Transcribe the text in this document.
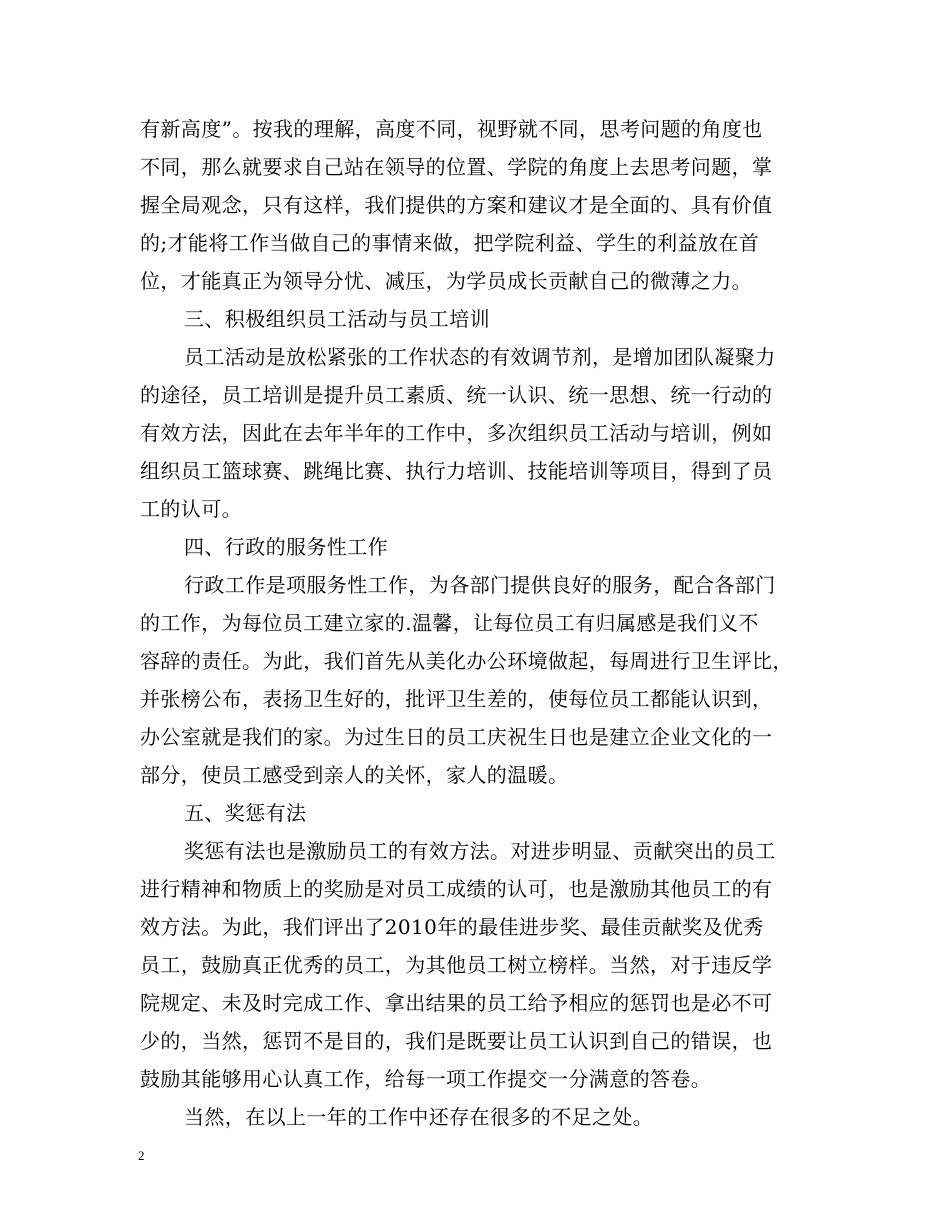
有新高度”。按我的理解，高度不同，视野就不同，思考问题的角度也
不同，那么就要求自己站在领导的位置、学院的角度上去思考问题，掌
握全局观念，只有这样，我们提供的方案和建议才是全面的、具有价值
的;才能将工作当做自己的事情来做，把学院利益、学生的利益放在首
位，才能真正为领导分忧、减压，为学员成长贡献自己的微薄之力。
三、积极组织员工活动与员工培训
员工活动是放松紧张的工作状态的有效调节剂，是增加团队凝聚力
的途径，员工培训是提升员工素质、统一认识、统一思想、统一行动的
有效方法，因此在去年半年的工作中，多次组织员工活动与培训，例如
组织员工篮球赛、跳绳比赛、执行力培训、技能培训等项目，得到了员
工的认可。
四、行政的服务性工作
行政工作是项服务性工作，为各部门提供良好的服务，配合各部门
的工作，为每位员工建立家的.温馨，让每位员工有归属感是我们义不
容辞的责任。为此，我们首先从美化办公环境做起，每周进行卫生评比，
并张榜公布，表扬卫生好的，批评卫生差的，使每位员工都能认识到，
办公室就是我们的家。为过生日的员工庆祝生日也是建立企业文化的一
部分，使员工感受到亲人的关怀，家人的温暖。
五、奖惩有法
奖惩有法也是激励员工的有效方法。对进步明显、贡献突出的员工
进行精神和物质上的奖励是对员工成绩的认可，也是激励其他员工的有
效方法。为此，我们评出了2010年的最佳进步奖、最佳贡献奖及优秀
员工，鼓励真正优秀的员工，为其他员工树立榜样。当然，对于违反学
院规定、未及时完成工作、拿出结果的员工给予相应的惩罚也是必不可
少的，当然，惩罚不是目的，我们是既要让员工认识到自己的错误，也
鼓励其能够用心认真工作，给每一项工作提交一分满意的答卷。
当然，在以上一年的工作中还存在很多的不足之处。
2
